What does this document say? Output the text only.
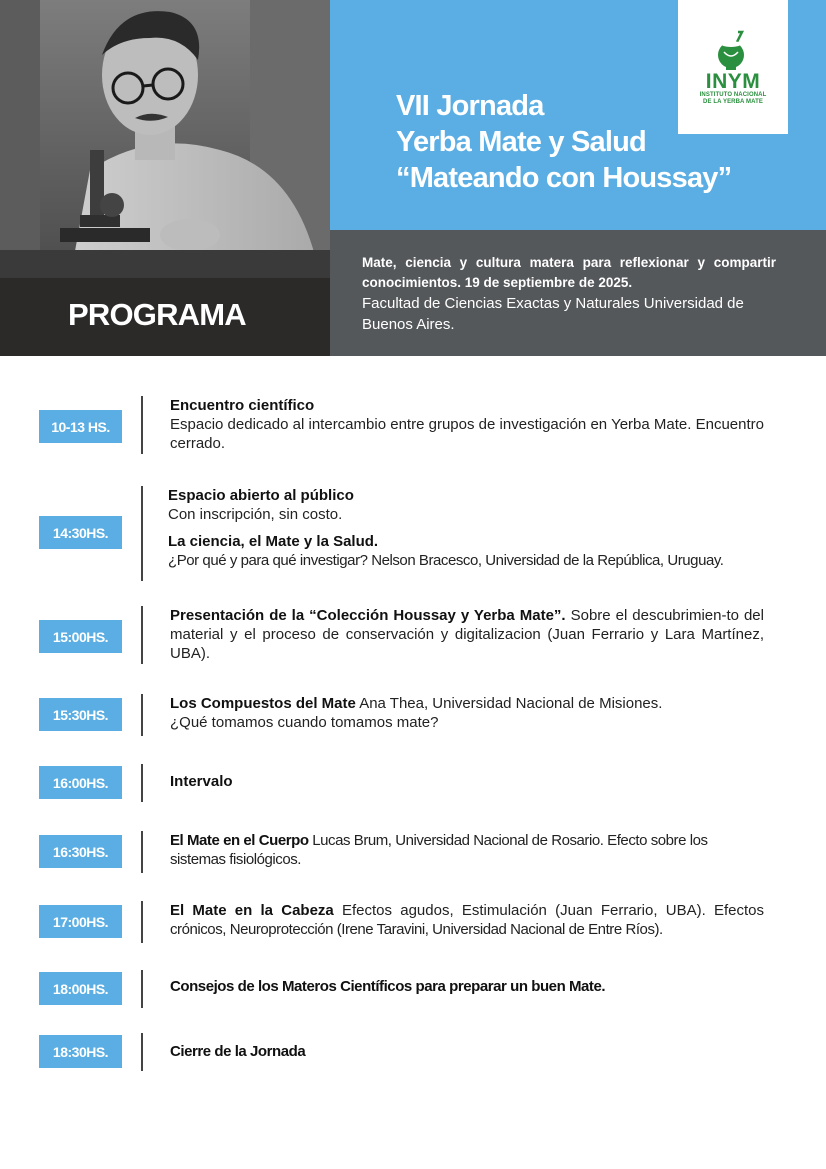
INYM
INSTITUTO NACIONAL
DE LA YERBA MATE
VII Jornada
Yerba Mate y Salud
“Mateando con Houssay”
Mate, ciencia y cultura matera para reflexionar y compartir conocimientos. 19 de septiembre de 2025.
Facultad de Ciencias Exactas y Naturales Universidad de Buenos Aires.
PROGRAMA
10-13 HS.
Encuentro científico
Espacio dedicado al intercambio entre grupos de investigación en Yerba Mate. Encuentro cerrado.
14:30HS.
Espacio abierto al público
Con inscripción, sin costo.
La ciencia, el Mate y la Salud.
¿Por qué y para qué investigar? Nelson Bracesco, Universidad de la República, Uruguay.
15:00HS.
Presentación de la “Colección Houssay y Yerba Mate”. Sobre el descubrimien-to del material y el proceso de conservación y digitalizacion (Juan Ferrario y Lara Martínez, UBA).
15:30HS.
Los Compuestos del Mate Ana Thea, Universidad Nacional de Misiones.
¿Qué tomamos cuando tomamos mate?
16:00HS.	Intervalo
16:30HS.
El Mate en el Cuerpo Lucas Brum, Universidad Nacional de Rosario. Efecto sobre los sistemas fisiológicos.
17:00HS.
El Mate en la Cabeza Efectos agudos, Estimulación (Juan Ferrario, UBA). Efectos
crónicos, Neuroprotección (Irene Taravini, Universidad Nacional de Entre Ríos).
18:00HS.	Consejos de los Materos Científicos para preparar un buen Mate.
18:30HS.	Cierre de la Jornada
